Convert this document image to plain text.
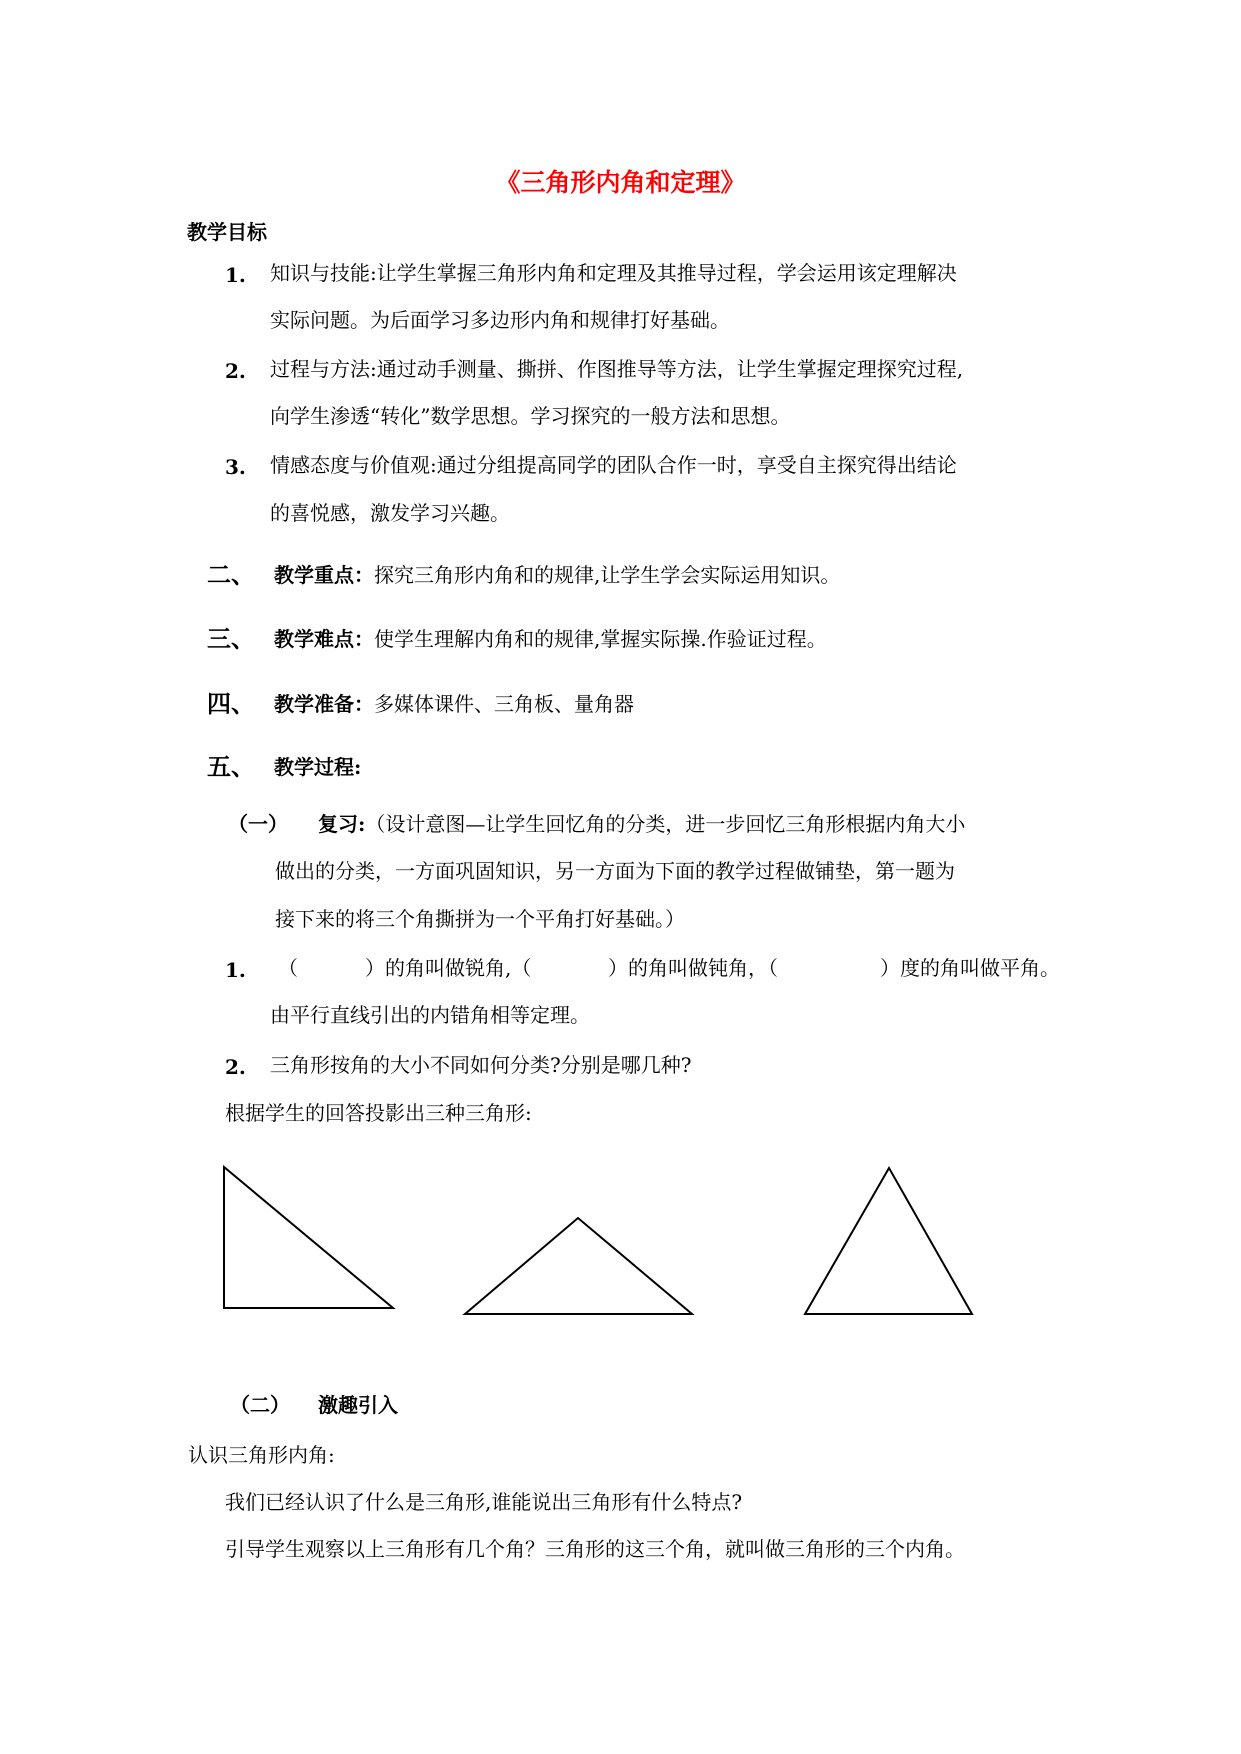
《三角形内角和定理》
教学目标
1. 知识与技能:让学生掌握三角形内角和定理及其推导过程，学会运用该定理解决
实际问题。为后面学习多边形内角和规律打好基础。
2. 过程与方法:通过动手测量、撕拼、作图推导等方法，让学生掌握定理探究过程,
向学生渗透“转化”数学思想。学习探究的一般方法和思想。
3. 情感态度与价值观:通过分组提高同学的团队合作一时，享受自主探究得出结论
的喜悦感，激发学习兴趣。
二、 教学重点：探究三角形内角和的规律,让学生学会实际运用知识。
三、 教学难点：使学生理解内角和的规律,掌握实际操.作验证过程。
四、 教学准备：多媒体课件、三角板、量角器
五、 教学过程:
（一） 复习:（设计意图—让学生回忆角的分类，进一步回忆三角形根据内角大小
做出的分类，一方面巩固知识，另一方面为下面的教学过程做铺垫，第一题为
接下来的将三个角撕拼为一个平角打好基础。）
1. （	）的角叫做锐角,（	）的角叫做钝角，（	）度的角叫做平角。
由平行直线引出的内错角相等定理。
2. 三角形按角的大小不同如何分类?分别是哪几种?
根据学生的回答投影出三种三角形:
（二） 激趣引入
认识三角形内角:
我们已经认识了什么是三角形,谁能说出三角形有什么特点?
引导学生观察以上三角形有几个角？三角形的这三个角，就叫做三角形的三个内角。
